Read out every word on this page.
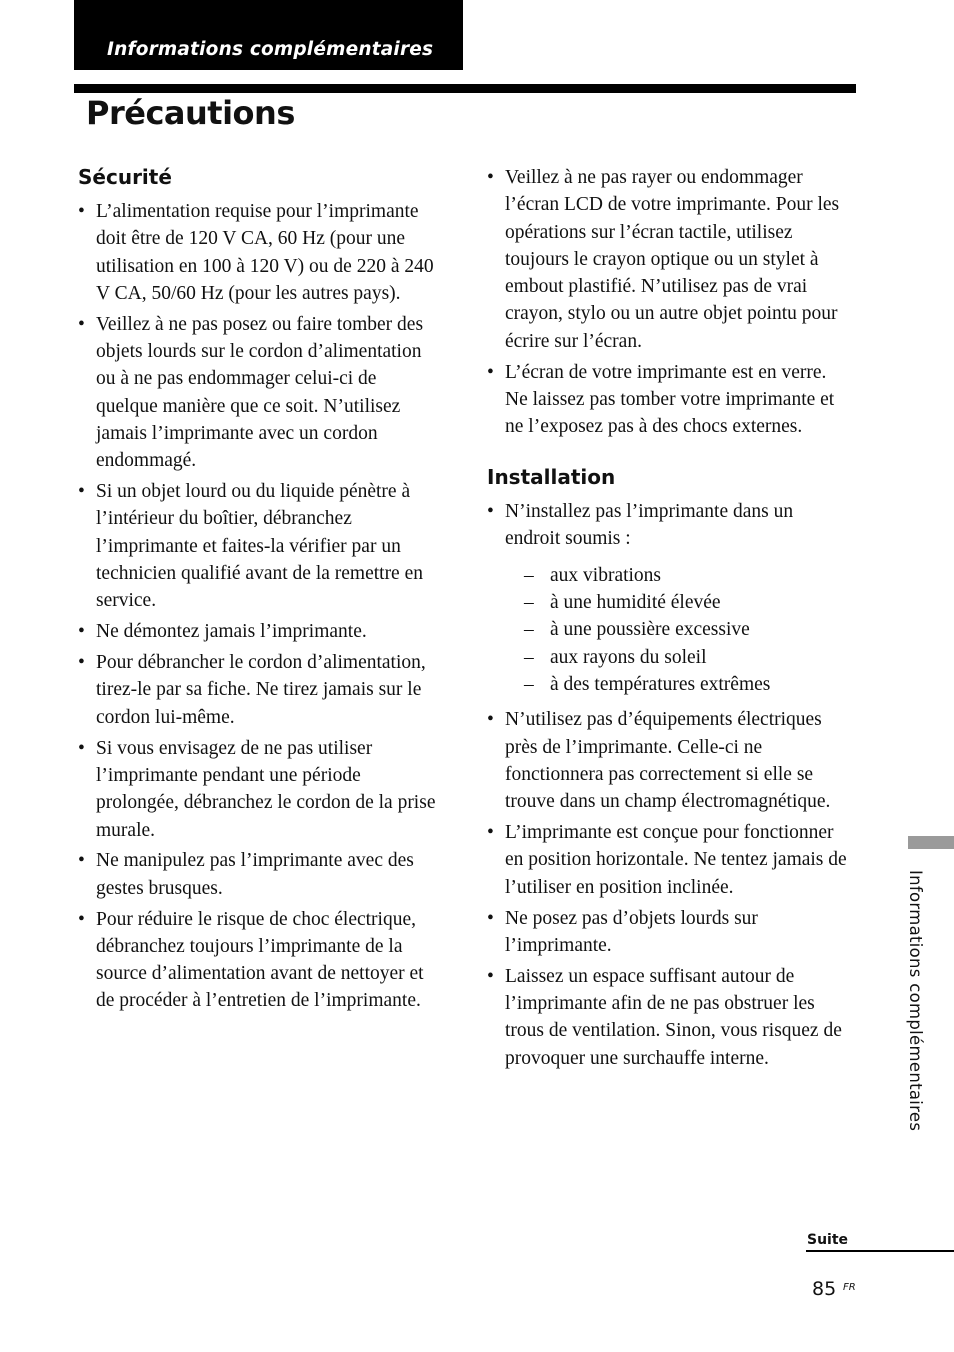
Informations complémentaires
Précautions
Sécurité
• L’alimentation requise pour l’imprimante doit être de 120 V CA, 60 Hz (pour une utilisation en 100 à 120 V) ou de 220 à 240 V CA, 50/60 Hz (pour les autres pays).
• Veillez à ne pas posez ou faire tomber des objets lourds sur le cordon d’alimentation ou à ne pas endommager celui-ci de quelque manière que ce soit. N’utilisez jamais l’imprimante avec un cordon endommagé.
• Si un objet lourd ou du liquide pénètre à l’intérieur du boîtier, débranchez l’imprimante et faites-la vérifier par un technicien qualifié avant de la remettre en service.
• Ne démontez jamais l’imprimante.
• Pour débrancher le cordon d’alimentation, tirez-le par sa fiche. Ne tirez jamais sur le cordon lui-même.
• Si vous envisagez de ne pas utiliser l’imprimante pendant une période prolongée, débranchez le cordon de la prise murale.
• Ne manipulez pas l’imprimante avec des gestes brusques.
• Pour réduire le risque de choc électrique, débranchez toujours l’imprimante de la source d’alimentation avant de nettoyer et de procéder à l’entretien de l’imprimante.
• Veillez à ne pas rayer ou endommager l’écran LCD de votre imprimante. Pour les opérations sur l’écran tactile, utilisez toujours le crayon optique ou un stylet à embout plastifié. N’utilisez pas de vrai crayon, stylo ou un autre objet pointu pour écrire sur l’écran.
• L’écran de votre imprimante est en verre. Ne laissez pas tomber votre imprimante et ne l’exposez pas à des chocs externes.
Installation
• N’installez pas l’imprimante dans un endroit soumis :
– aux vibrations
– à une humidité élevée
– à une poussière excessive
– aux rayons du soleil
– à des températures extrêmes
• N’utilisez pas d’équipements électriques près de l’imprimante. Celle-ci ne fonctionnera pas correctement si elle se trouve dans un champ électromagnétique.
• L’imprimante est conçue pour fonctionner en position horizontale. Ne tentez jamais de l’utiliser en position inclinée.
• Ne posez pas d’objets lourds sur l’imprimante.
• Laissez un espace suffisant autour de l’imprimante afin de ne pas obstruer les trous de ventilation. Sinon, vous risquez de provoquer une surchauffe interne.	Informations complémentaires
Suite
85 FR
